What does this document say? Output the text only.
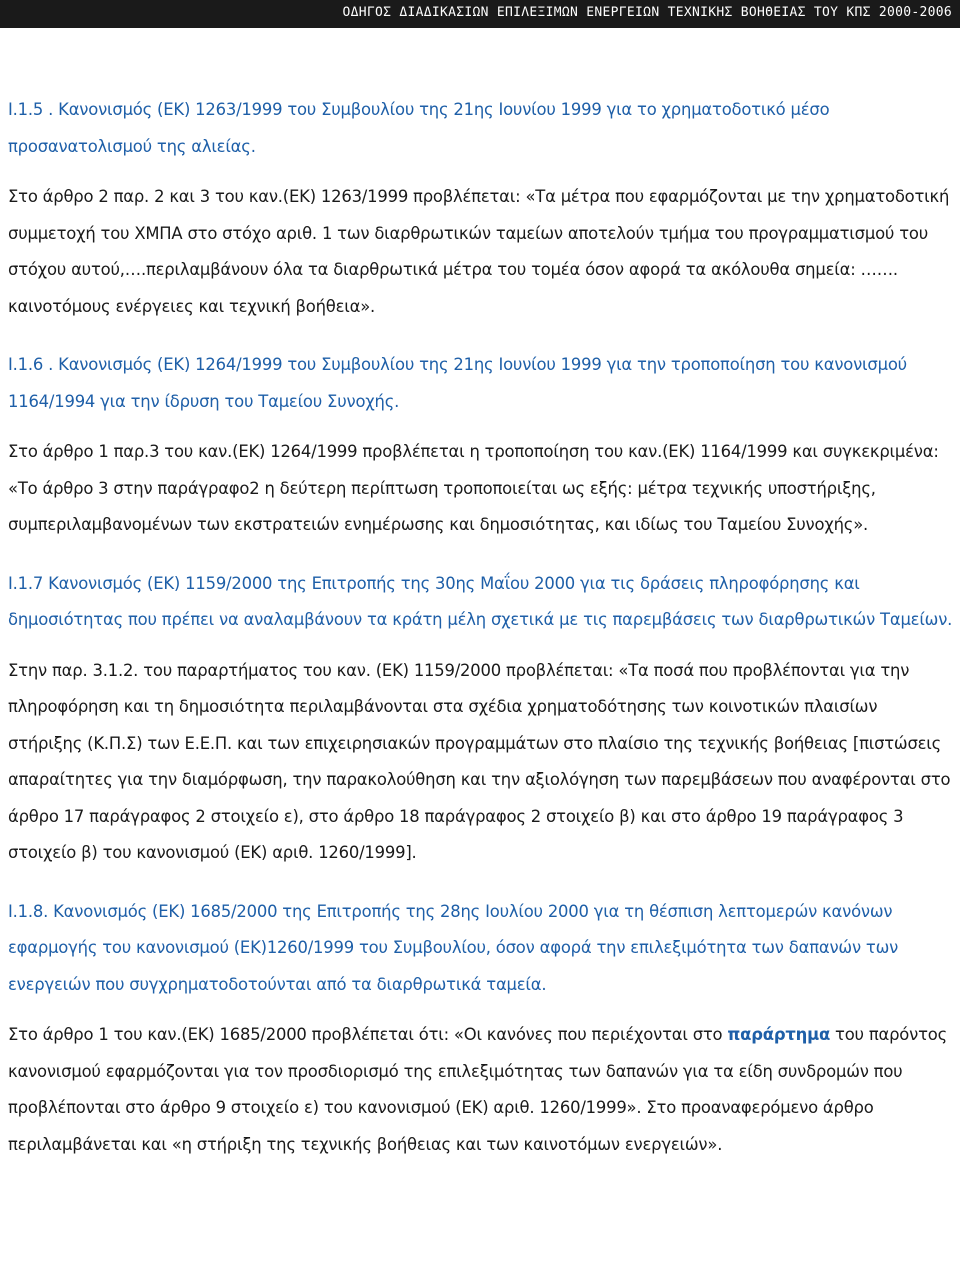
ΟΔΗΓΟΣ ΔΙΑΔΙΚΑΣΙΩΝ ΕΠΙΛΕΞΙΜΩΝ ΕΝΕΡΓΕΙΩΝ ΤΕΧΝΙΚΗΣ ΒΟΗΘΕΙΑΣ ΤΟΥ ΚΠΣ 2000-2006

I.1.5 . Κανονισμός (ΕΚ) 1263/1999 του Συμβουλίου της 21ης Ιουνίου 1999 για το χρηματοδοτικό μέσο προσανατολισμού της αλιείας.

Στο άρθρο 2 παρ. 2 και 3 του καν.(ΕΚ) 1263/1999 προβλέπεται: «Τα μέτρα που εφαρμόζονται με την χρηματοδοτική συμμετοχή του ΧΜΠΑ στο στόχο αριθ. 1 των διαρθρωτικών ταμείων αποτελούν τμήμα του προγραμματισμού του στόχου αυτού,….περιλαμβάνουν όλα τα διαρθρωτικά μέτρα του τομέα όσον αφορά τα ακόλουθα σημεία: ……. καινοτόμους ενέργειες και τεχνική βοήθεια».

I.1.6 . Κανονισμός (ΕΚ) 1264/1999 του Συμβουλίου της 21ης Ιουνίου 1999 για την τροποποίηση του κανονισμού 1164/1994 για την ίδρυση του Ταμείου Συνοχής.

Στο άρθρο 1 παρ.3 του καν.(ΕΚ) 1264/1999 προβλέπεται η τροποποίηση του καν.(ΕΚ) 1164/1999 και συγκεκριμένα: «Το άρθρο 3 στην παράγραφο2 η δεύτερη περίπτωση τροποποιείται ως εξής: μέτρα τεχνικής υποστήριξης, συμπεριλαμβανομένων των εκστρατειών ενημέρωσης και δημοσιότητας, και ιδίως του Ταμείου Συνοχής».

I.1.7 Κανονισμός (ΕΚ) 1159/2000 της Επιτροπής της 30ης Μαΐου 2000 για τις δράσεις πληροφόρησης και δημοσιότητας που πρέπει να αναλαμβάνουν τα κράτη μέλη σχετικά με τις παρεμβάσεις των διαρθρωτικών Ταμείων.

Στην παρ. 3.1.2. του παραρτήματος του καν. (ΕΚ) 1159/2000 προβλέπεται: «Τα ποσά που προβλέπονται για την πληροφόρηση και τη δημοσιότητα περιλαμβάνονται στα σχέδια χρηματοδότησης των κοινοτικών πλαισίων στήριξης (Κ.Π.Σ) των Ε.Ε.Π. και των επιχειρησιακών προγραμμάτων στο πλαίσιο της τεχνικής βοήθειας [πιστώσεις απαραίτητες για την διαμόρφωση, την παρακολούθηση και την αξιολόγηση των παρεμβάσεων που αναφέρονται στο άρθρο 17 παράγραφος 2 στοιχείο ε), στο άρθρο 18 παράγραφος 2 στοιχείο β) και στο άρθρο 19 παράγραφος 3 στοιχείο β) του κανονισμού (ΕΚ) αριθ. 1260/1999].

I.1.8. Κανονισμός (ΕΚ) 1685/2000 της Επιτροπής της 28ης Ιουλίου 2000 για τη θέσπιση λεπτομερών κανόνων εφαρμογής του κανονισμού (ΕΚ)1260/1999 του Συμβουλίου, όσον αφορά την επιλεξιμότητα των δαπανών των ενεργειών που συγχρηματοδοτούνται από τα διαρθρωτικά ταμεία.

Στο άρθρο 1 του καν.(ΕΚ) 1685/2000 προβλέπεται ότι: «Οι κανόνες που περιέχονται στο παράρτημα του παρόντος κανονισμού εφαρμόζονται για τον προσδιορισμό της επιλεξιμότητας των δαπανών για τα είδη συνδρομών που προβλέπονται στο άρθρο 9 στοιχείο ε) του κανονισμού (ΕΚ) αριθ. 1260/1999». Στο προαναφερόμενο άρθρο περιλαμβάνεται και «η στήριξη της τεχνικής βοήθειας και των καινοτόμων ενεργειών».
